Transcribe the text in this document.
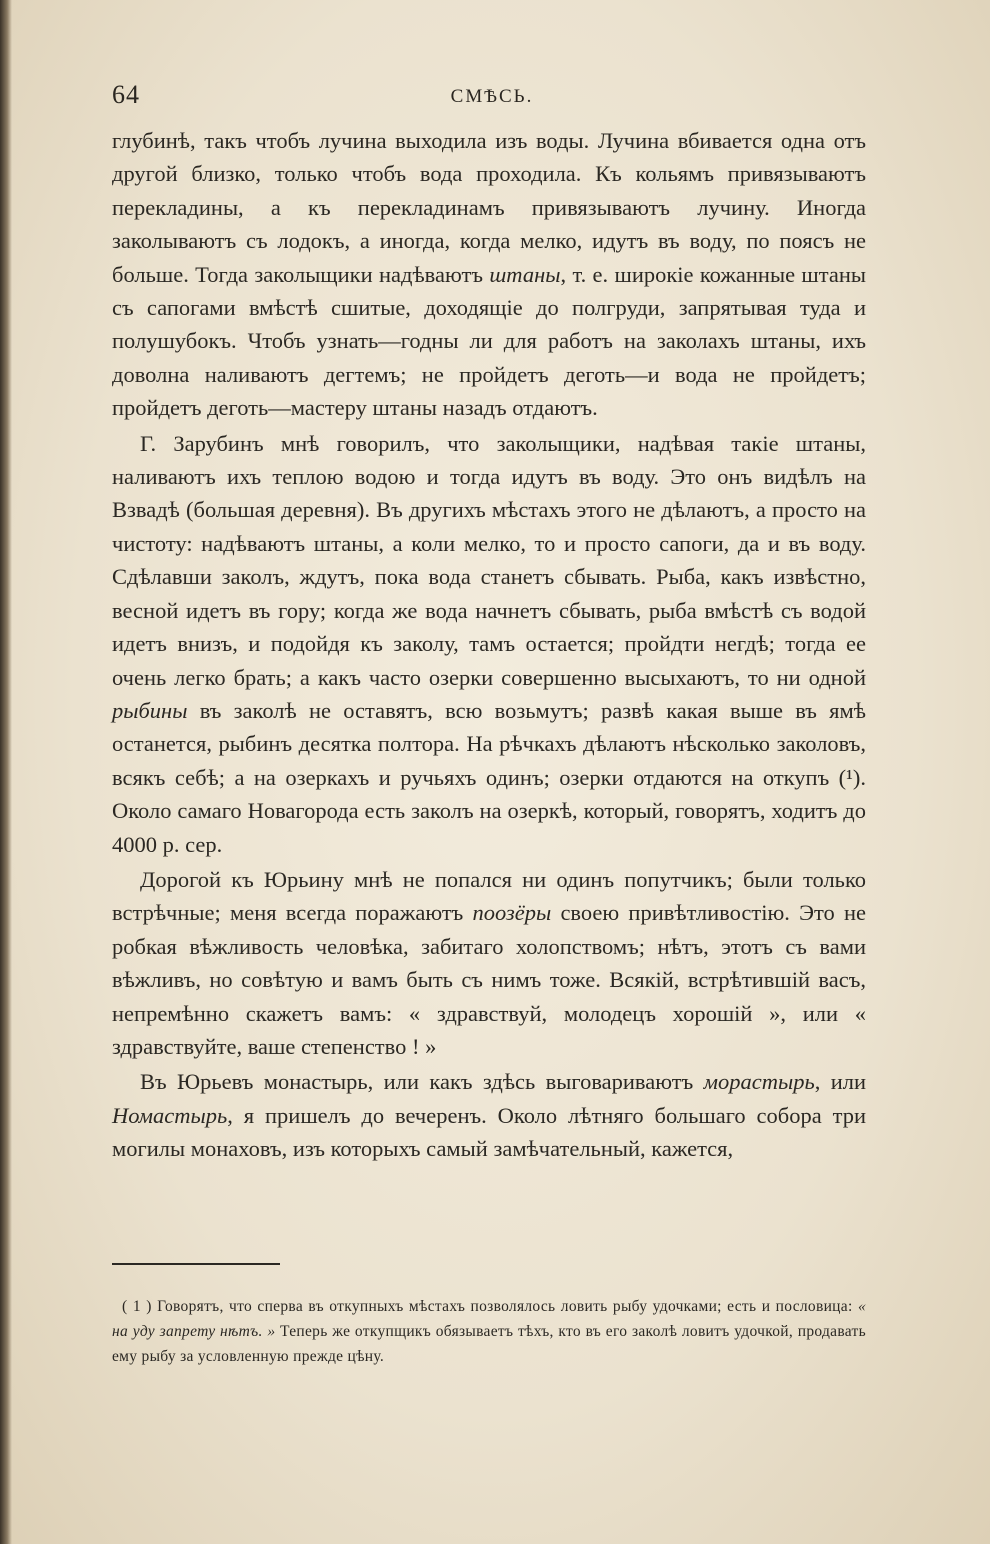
64	СМѢСЬ.

глубинѣ, такъ чтобъ лучина выходила изъ воды. Лучина вбивается одна отъ другой близко, только чтобъ вода проходила. Къ кольямъ привязываютъ перекладины, а къ перекладинамъ привязываютъ лучину. Иногда заколываютъ съ лодокъ, а иногда, когда мелко, идутъ въ воду, по поясъ не больше. Тогда заколыщики надѣваютъ штаны, т. е. широкіе кожанные штаны съ сапогами вмѣстѣ сшитые, доходящіе до полгруди, запрятывая туда и полушубокъ. Чтобъ узнать—годны ли для работъ на заколахъ штаны, ихъ доволна наливаютъ дегтемъ; не пройдетъ деготь—и вода не пройдетъ; пройдетъ деготь—мастеру штаны назадъ отдаютъ.

Г. Зарубинъ мнѣ говорилъ, что заколыщики, надѣвая такіе штаны, наливаютъ ихъ теплою водою и тогда идутъ въ воду. Это онъ видѣлъ на Взвадѣ (большая деревня). Въ другихъ мѣстахъ этого не дѣлаютъ, а просто на чистоту: надѣваютъ штаны, а коли мелко, то и просто сапоги, да и въ воду. Сдѣлавши заколъ, ждутъ, пока вода станетъ сбывать. Рыба, какъ извѣстно, весной идетъ въ гору; когда же вода начнетъ сбывать, рыба вмѣстѣ съ водой идетъ внизъ, и подойдя къ заколу, тамъ остается; пройдти негдѣ; тогда ее очень легко брать; а какъ часто озерки совершенно высыхаютъ, то ни одной рыбины въ заколѣ не оставятъ, всю возьмутъ; развѣ какая выше въ ямѣ останется, рыбинъ десятка полтора. На рѣчкахъ дѣлаютъ нѣсколько заколовъ, всякъ себѣ; а на озеркахъ и ручьяхъ одинъ; озерки отдаются на откупъ (¹). Около самаго Новагорода есть заколъ на озеркѣ, который, говорятъ, ходитъ до 4000 р. сер.

Дорогой къ Юрьину мнѣ не попался ни одинъ попутчикъ; были только встрѣчные; меня всегда поражаютъ поозёры своею привѣтливостію. Это не робкая вѣжливость человѣка, забитаго холопствомъ; нѣтъ, этотъ съ вами вѣжливъ, но совѣтую и вамъ быть съ нимъ тоже. Всякій, встрѣтившій васъ, непремѣнно скажетъ вамъ: « здравствуй, молодецъ хорошій », или « здравствуйте, ваше степенство ! »

Въ Юрьевъ монастырь, или какъ здѣсь выговариваютъ морастырь, или Номастырь, я пришелъ до вечеренъ. Около лѣтняго большаго собора три могилы монаховъ, изъ которыхъ самый замѣчательный, кажется,

( 1 ) Говорятъ, что сперва въ откупныхъ мѣстахъ позволялось ловить рыбу удочками; есть и пословица: « на уду запрету нѣтъ. » Теперь же откупщикъ обязываетъ тѣхъ, кто въ его заколѣ ловитъ удочкой, продавать ему рыбу за условленную прежде цѣну.
